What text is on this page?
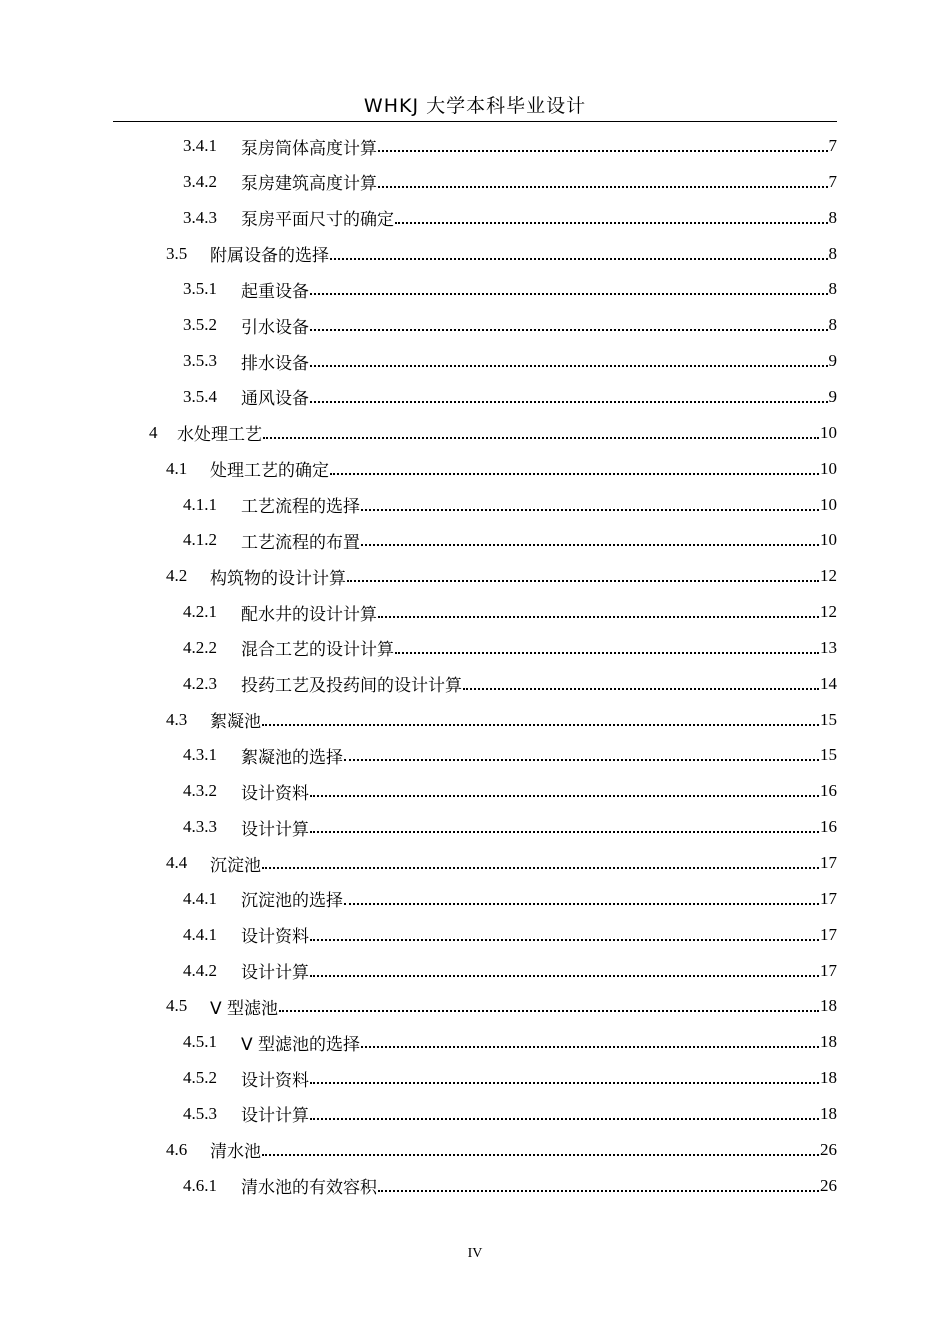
WHKJ 大学本科毕业设计
3.4.1	泵房筒体高度计算	7
3.4.2	泵房建筑高度计算	7
3.4.3	泵房平面尺寸的确定	8
3.5	附属设备的选择	8
3.5.1	起重设备	8
3.5.2	引水设备	8
3.5.3	排水设备	9
3.5.4	通风设备	9
4	水处理工艺	10
4.1	处理工艺的确定	10
4.1.1	工艺流程的选择	10
4.1.2	工艺流程的布置	10
4.2	构筑物的设计计算	12
4.2.1	配水井的设计计算	12
4.2.2	混合工艺的设计计算	13
4.2.3	投药工艺及投药间的设计计算	14
4.3	絮凝池	15
4.3.1	絮凝池的选择	15
4.3.2	设计资料	16
4.3.3	设计计算	16
4.4	沉淀池	17
4.4.1	沉淀池的选择	17
4.4.1	设计资料	17
4.4.2	设计计算	17
4.5	V 型滤池	18
4.5.1	V 型滤池的选择	18
4.5.2	设计资料	18
4.5.3	设计计算	18
4.6	清水池	26
4.6.1	清水池的有效容积	26
IV
